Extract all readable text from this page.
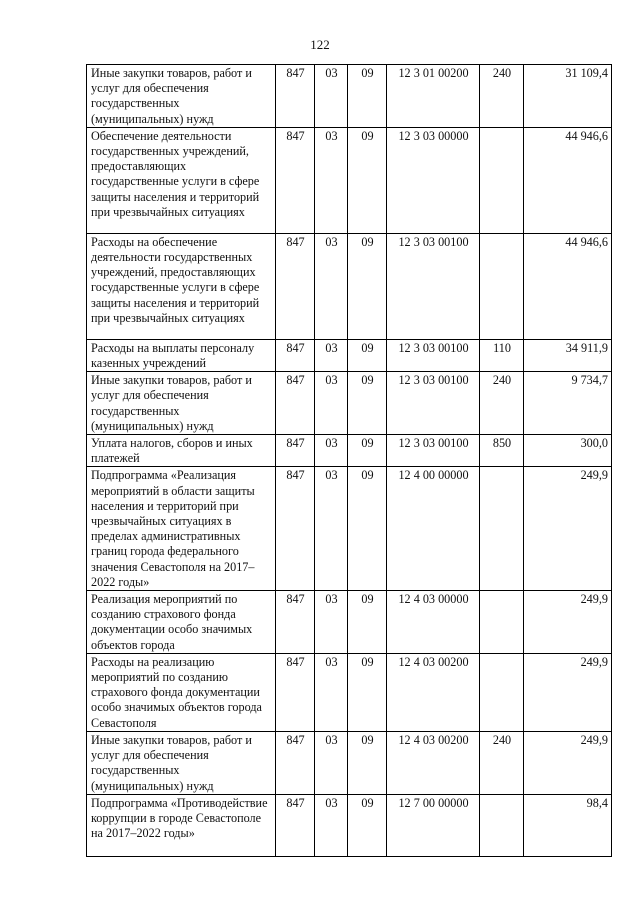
122
Иные закупки товаров, работ и услуг для обеспечения государственных (муниципальных) нужд	847	03	09	12 3 01 00200	240	31 109,4
Обеспечение деятельности государственных учреждений, предоставляющих государственные услуги в сфере защиты населения и территорий при чрезвычайных ситуациях	847	03	09	12 3 03 00000		44 946,6
Расходы на обеспечение деятельности государственных учреждений, предоставляющих государственные услуги в сфере защиты населения и территорий при чрезвычайных ситуациях	847	03	09	12 3 03 00100		44 946,6
Расходы на выплаты персоналу казенных учреждений	847	03	09	12 3 03 00100	110	34 911,9
Иные закупки товаров, работ и услуг для обеспечения государственных (муниципальных) нужд	847	03	09	12 3 03 00100	240	9 734,7
Уплата налогов, сборов и иных платежей	847	03	09	12 3 03 00100	850	300,0
Подпрограмма «Реализация мероприятий в области защиты населения и территорий при чрезвычайных ситуациях в пределах административных границ города федерального значения Севастополя на 2017–2022 годы»	847	03	09	12 4 00 00000		249,9
Реализация мероприятий по созданию страхового фонда документации особо значимых объектов города	847	03	09	12 4 03 00000		249,9
Расходы на реализацию мероприятий по созданию страхового фонда документации особо значимых объектов города Севастополя	847	03	09	12 4 03 00200		249,9
Иные закупки товаров, работ и услуг для обеспечения государственных (муниципальных) нужд	847	03	09	12 4 03 00200	240	249,9
Подпрограмма «Противодействие коррупции в городе Севастополе на 2017–2022 годы»	847	03	09	12 7 00 00000		98,4
